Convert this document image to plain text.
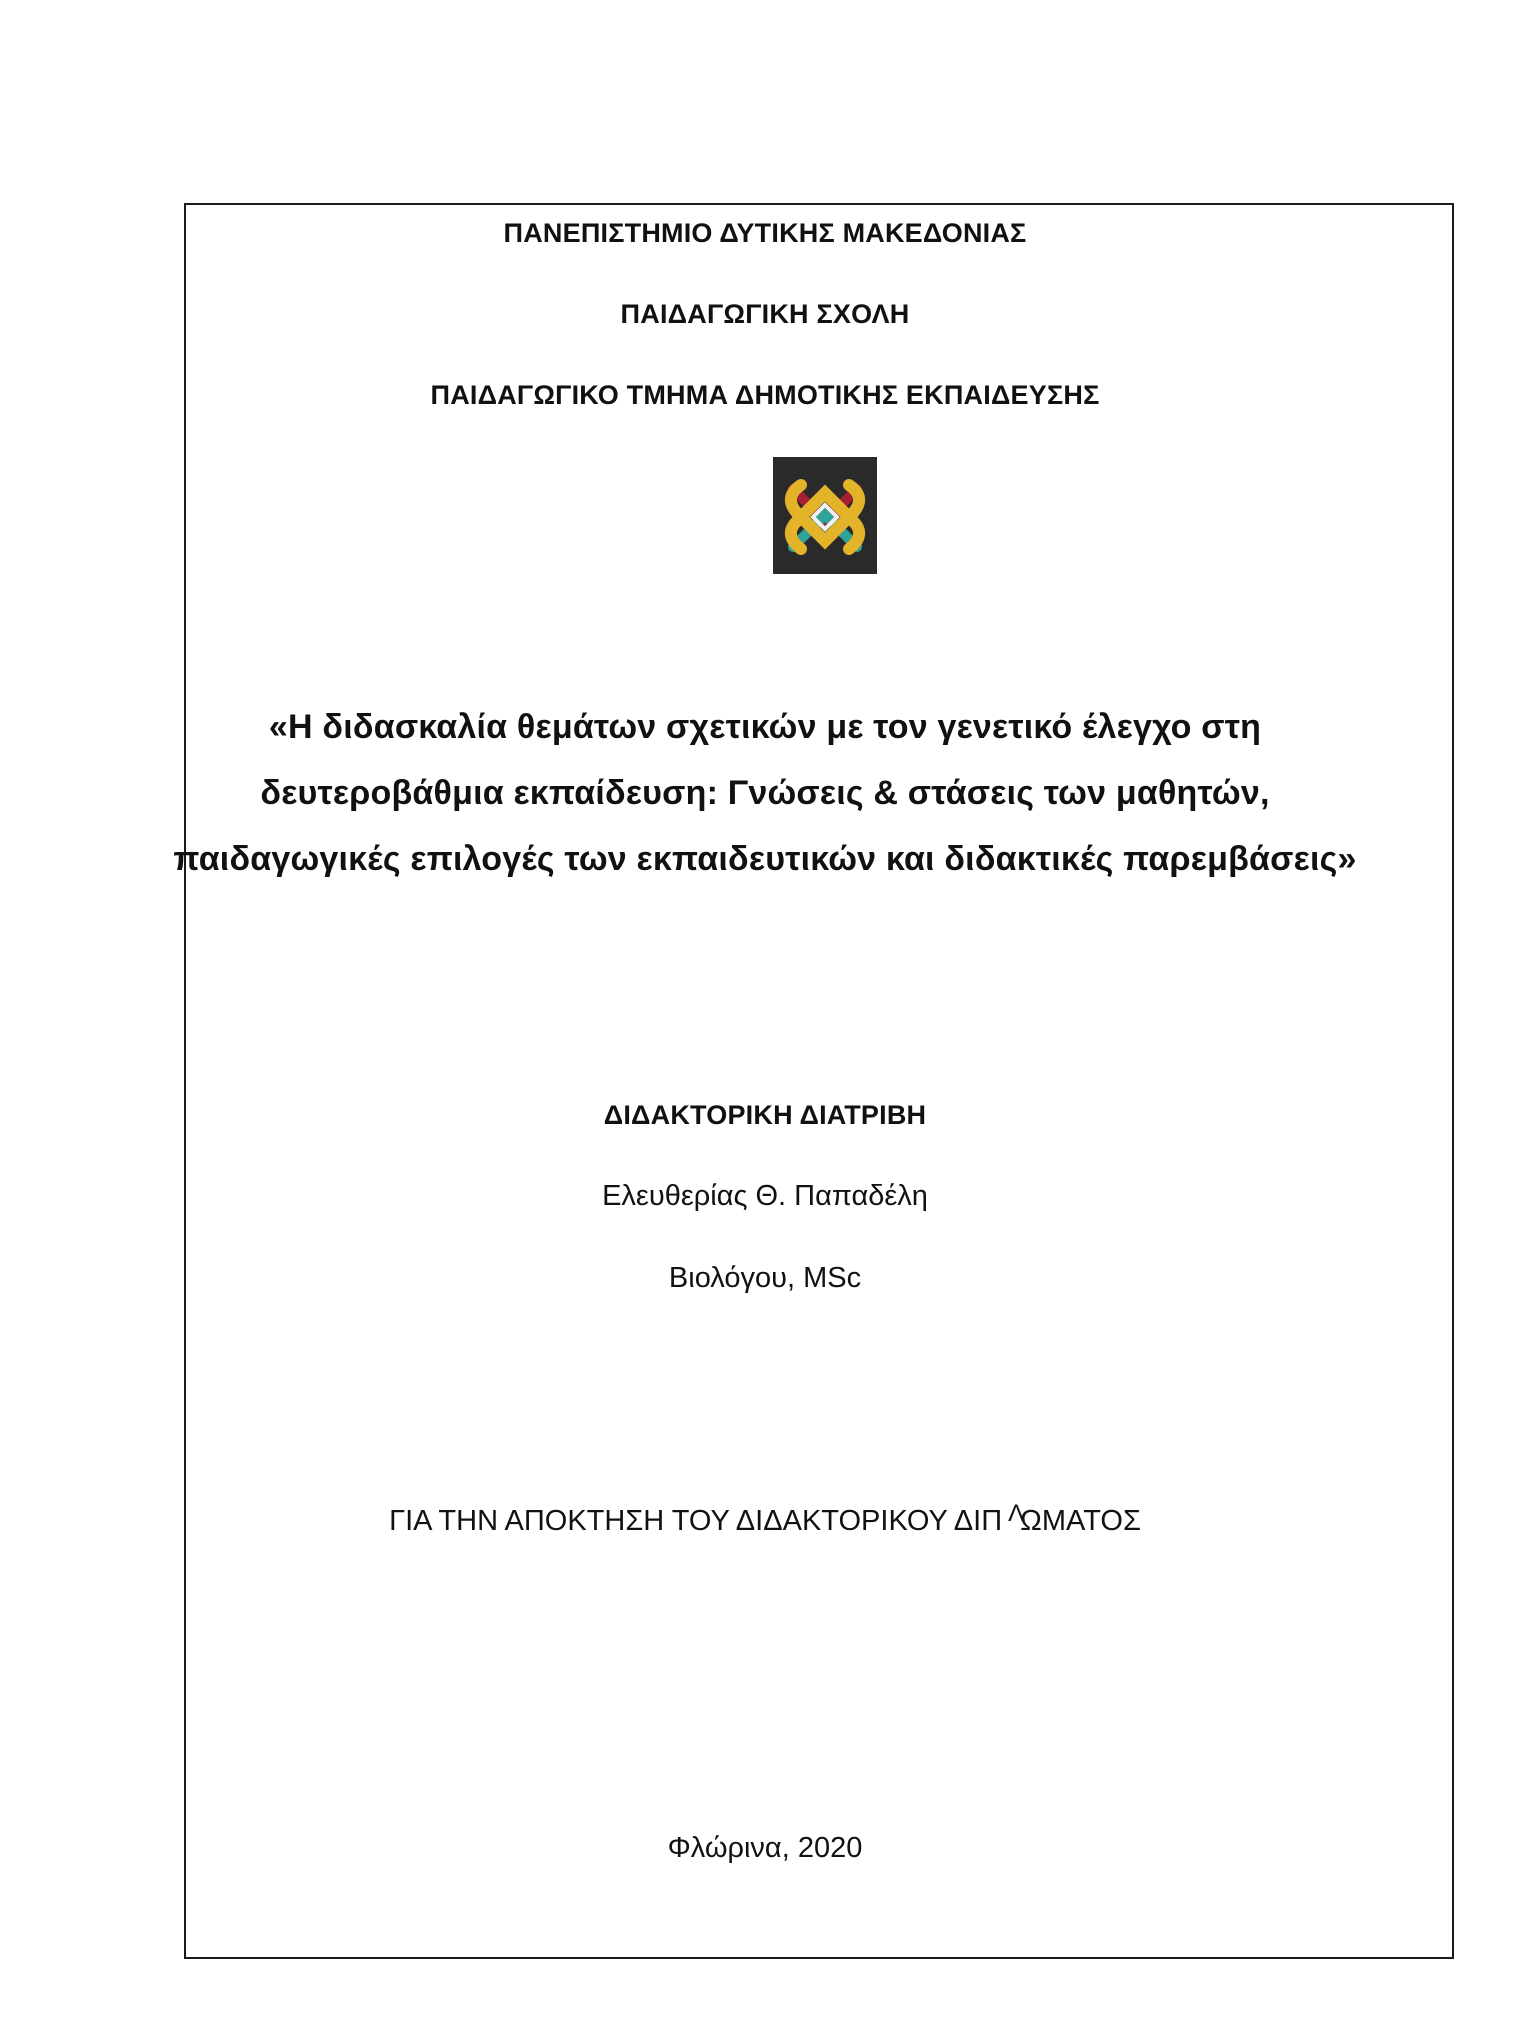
ΠΑΝΕΠΙΣΤΗΜΙΟ ΔΥΤΙΚΗΣ ΜΑΚΕΔΟΝΙΑΣ
ΠΑΙΔΑΓΩΓΙΚΗ ΣΧΟΛΗ
ΠΑΙΔΑΓΩΓΙΚΟ ΤΜΗΜΑ ΔΗΜΟΤΙΚΗΣ ΕΚΠΑΙΔΕΥΣΗΣ
«Η διδασκαλία θεμάτων σχετικών με τον γενετικό έλεγχο στη
δευτεροβάθμια εκπαίδευση: Γνώσεις & στάσεις των μαθητών,
παιδαγωγικές επιλογές των εκπαιδευτικών και διδακτικές παρεμβάσεις»
ΔΙΔΑΚΤΟΡΙΚΗ ΔΙΑΤΡΙΒΗ
Ελευθερίας Θ. Παπαδέλη
Βιολόγου, MSc
ΓΙΑ ΤΗΝ ΑΠΟΚΤΗΣΗ ΤΟΥ ΔΙΔΑΚΤΟΡΙΚΟΥ ΔΙΠ Λ
ΩΜΑΤΟΣ
Φλώρινα, 2020
